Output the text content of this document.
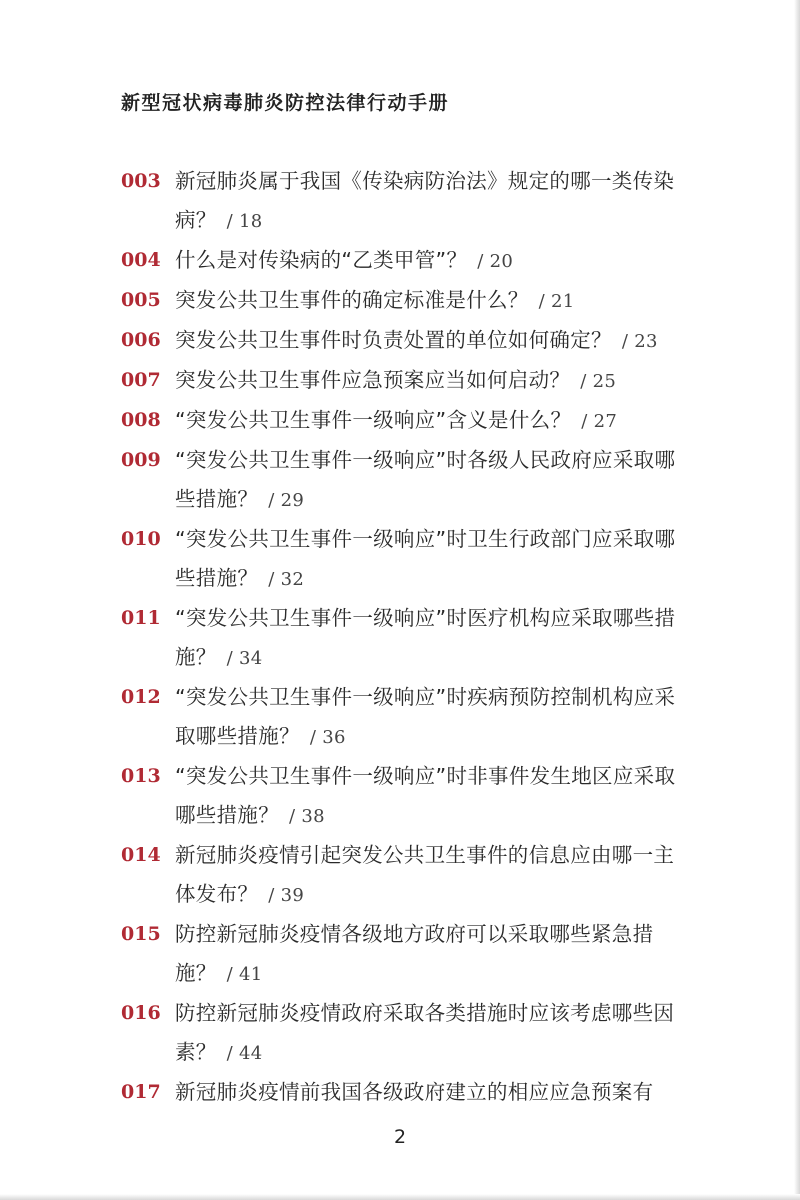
新型冠状病毒肺炎防控法律行动手册
003 新冠肺炎属于我国《传染病防治法》规定的哪一类传染病？ / 18
004 什么是对传染病的“乙类甲管”？ / 20
005 突发公共卫生事件的确定标准是什么？ / 21
006 突发公共卫生事件时负责处置的单位如何确定？ / 23
007 突发公共卫生事件应急预案应当如何启动？ / 25
008 “突发公共卫生事件一级响应”含义是什么？ / 27
009 “突发公共卫生事件一级响应”时各级人民政府应采取哪些措施？ / 29
010 “突发公共卫生事件一级响应”时卫生行政部门应采取哪些措施？ / 32
011 “突发公共卫生事件一级响应”时医疗机构应采取哪些措施？ / 34
012 “突发公共卫生事件一级响应”时疾病预防控制机构应采取哪些措施？ / 36
013 “突发公共卫生事件一级响应”时非事件发生地区应采取哪些措施？ / 38
014 新冠肺炎疫情引起突发公共卫生事件的信息应由哪一主体发布？ / 39
015 防控新冠肺炎疫情各级地方政府可以采取哪些紧急措施？ / 41
016 防控新冠肺炎疫情政府采取各类措施时应该考虑哪些因素？ / 44
017 新冠肺炎疫情前我国各级政府建立的相应应急预案有
2
